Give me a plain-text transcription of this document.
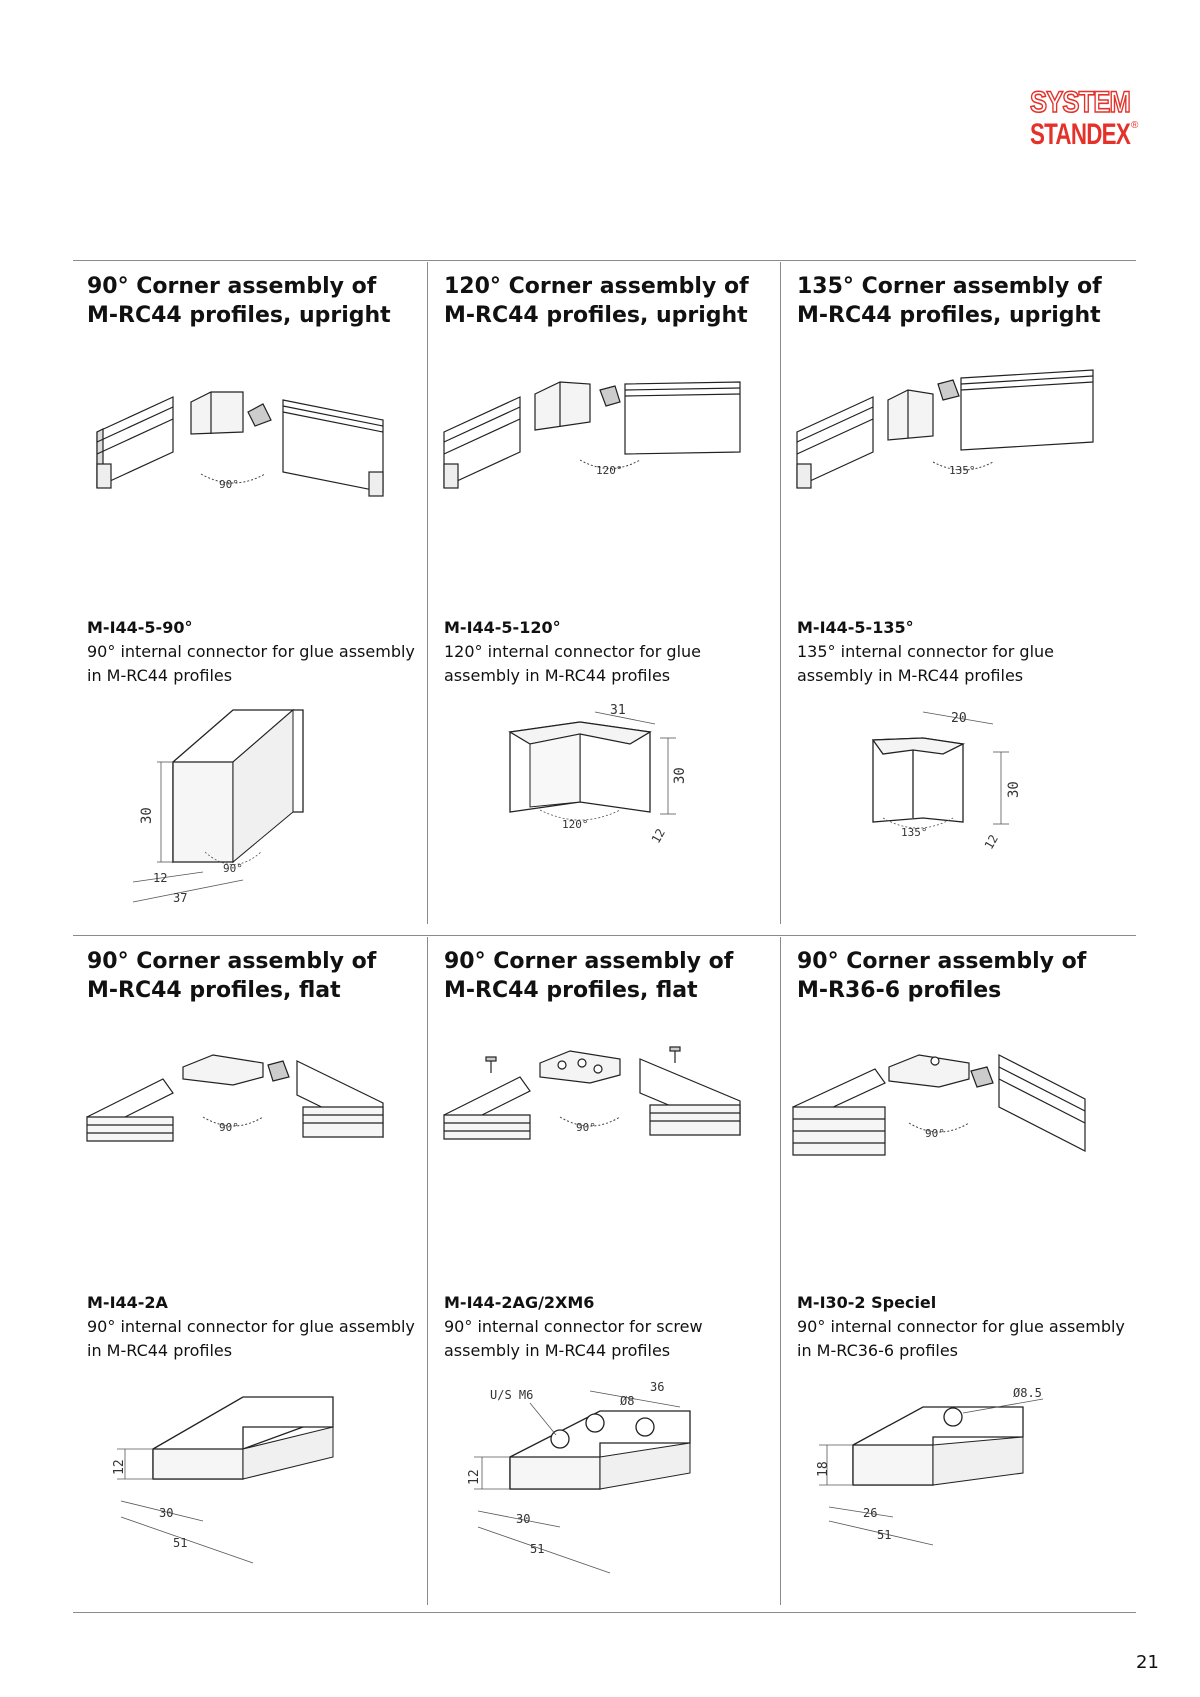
SYSTEM
STANDEX ®
90° Corner assembly of
M-RC44 profiles, upright
90°
M-I44-5-90°
90° internal connector for glue assembly in M-RC44 profiles
30
12
37
90°
120° Corner assembly of
M-RC44 profiles, upright
120°
M-I44-5-120°
120° internal connector for glue assembly in M-RC44 profiles
31
30
12
120°
135° Corner assembly of
M-RC44 profiles, upright
135°
M-I44-5-135°
135° internal connector for glue assembly in M-RC44 profiles
20
30
12
135°
90° Corner assembly of
M-RC44 profiles, flat
90°
M-I44-2A
90° internal connector for glue assembly in M-RC44 profiles
12
30
51
90° Corner assembly of
M-RC44 profiles, flat
90°
M-I44-2AG/2XM6
90° internal connector for screw assembly in M-RC44 profiles
U/S M6
36
Ø8
12
30
51
90° Corner assembly of
M-R36-6 profiles
90°
M-I30-2 Speciel
90° internal connector for glue assembly in M-RC36-6 profiles
Ø8.5
18
26
51
21
